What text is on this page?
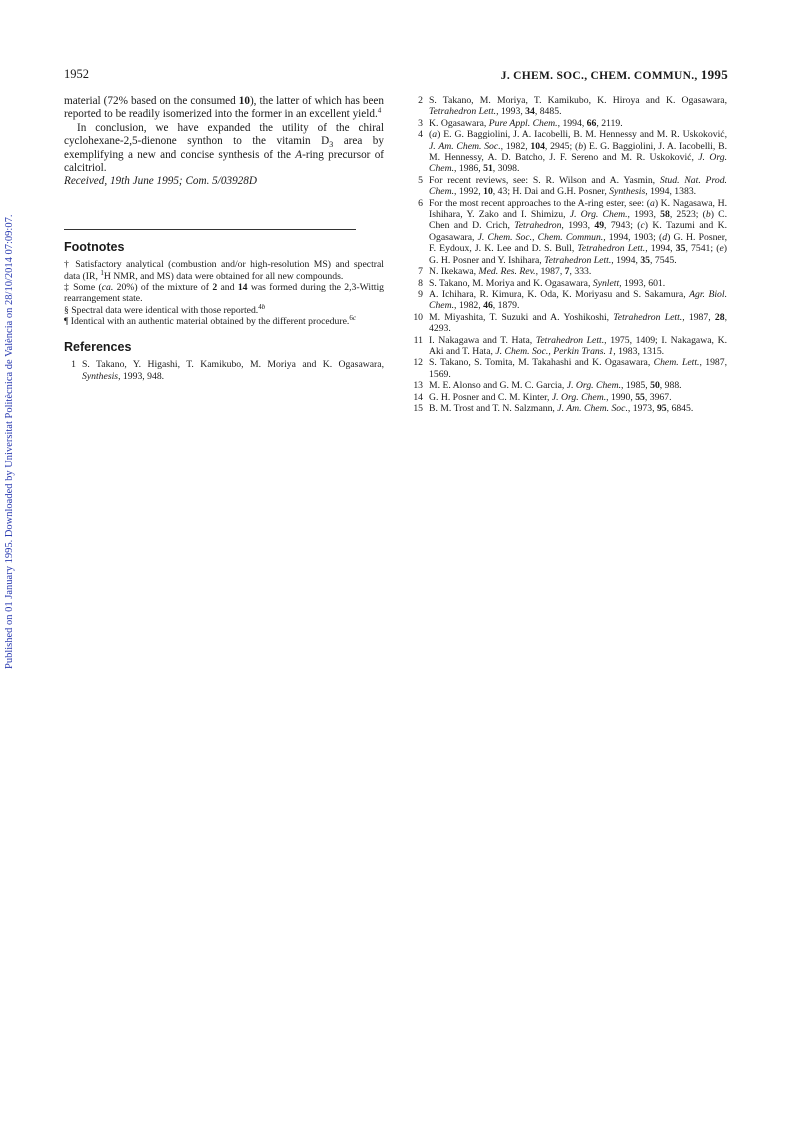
Published on 01 January 1995. Downloaded by Universitat Politècnica de València on 28/10/2014 07:09:07.
1952	J. CHEM. SOC., CHEM. COMMUN., 1995

material (72% based on the consumed 10), the latter of which has been reported to be readily isomerized into the former in an excellent yield.$^4$

In conclusion, we have expanded the utility of the chiral cyclohexane-2,5-dienone synthon to the vitamin $D_3$ area by exemplifying a new and concise synthesis of the A-ring precursor of calcitriol.

Received, 19th June 1995; Com. 5/03928D

Footnotes

† Satisfactory analytical (combustion and/or high-resolution MS) and spectral data (IR, $^1$H NMR, and MS) data were obtained for all new compounds.

‡ Some (ca. 20%) of the mixture of 2 and 14 was formed during the 2,3-Wittig rearrangement state.

§ Spectral data were identical with those reported.$^{4b}$

¶ Identical with an authentic material obtained by the different procedure.$^{6c}$

References
1 S. Takano, Y. Higashi, T. Kamikubo, M. Moriya and K. Ogasawara, Synthesis, 1993, 948.
2 S. Takano, M. Moriya, T. Kamikubo, K. Hiroya and K. Ogasawara, Tetrahedron Lett., 1993, 34, 8485.
3 K. Ogasawara, Pure Appl. Chem., 1994, 66, 2119.
4 (a) E. G. Baggiolini, J. A. Iacobelli, B. M. Hennessy and M. R. Uskoković, J. Am. Chem. Soc., 1982, 104, 2945; (b) E. G. Baggiolini, J. A. Iacobelli, B. M. Hennessy, A. D. Batcho, J. F. Sereno and M. R. Uskoković, J. Org. Chem., 1986, 51, 3098.
5 For recent reviews, see: S. R. Wilson and A. Yasmin, Stud. Nat. Prod. Chem., 1992, 10, 43; H. Dai and G.H. Posner, Synthesis, 1994, 1383.
6 For the most recent approaches to the A-ring ester, see: (a) K. Nagasawa, H. Ishihara, Y. Zako and I. Shimizu, J. Org. Chem., 1993, 58, 2523; (b) C. Chen and D. Crich, Tetrahedron, 1993, 49, 7943; (c) K. Tazumi and K. Ogasawara, J. Chem. Soc., Chem. Commun., 1994, 1903; (d) G. H. Posner, F. Eydoux, J. K. Lee and D. S. Bull, Tetrahedron Lett., 1994, 35, 7541; (e) G. H. Posner and Y. Ishihara, Tetrahedron Lett., 1994, 35, 7545.
7 N. Ikekawa, Med. Res. Rev., 1987, 7, 333.
8 S. Takano, M. Moriya and K. Ogasawara, Synlett, 1993, 601.
9 A. Ichihara, R. Kimura, K. Oda, K. Moriyasu and S. Sakamura, Agr. Biol. Chem., 1982, 46, 1879.
10 M. Miyashita, T. Suzuki and A. Yoshikoshi, Tetrahedron Lett., 1987, 28, 4293.
11 I. Nakagawa and T. Hata, Tetrahedron Lett., 1975, 1409; I. Nakagawa, K. Aki and T. Hata, J. Chem. Soc., Perkin Trans. 1, 1983, 1315.
12 S. Takano, S. Tomita, M. Takahashi and K. Ogasawara, Chem. Lett., 1987, 1569.
13 M. E. Alonso and G. M. C. Garcia, J. Org. Chem., 1985, 50, 988.
14 G. H. Posner and C. M. Kinter, J. Org. Chem., 1990, 55, 3967.
15 B. M. Trost and T. N. Salzmann, J. Am. Chem. Soc., 1973, 95, 6845.
